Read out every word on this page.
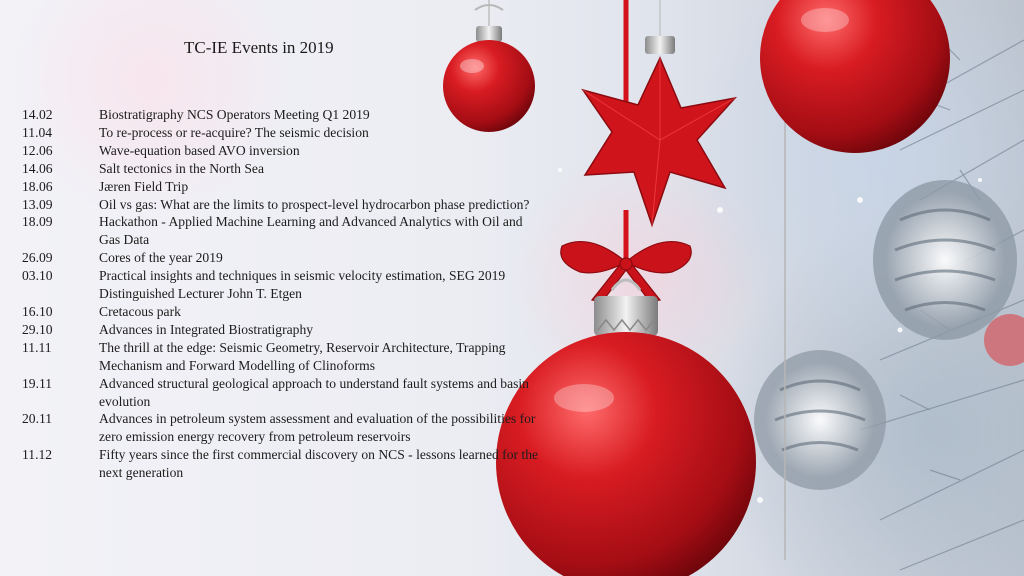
TC-IE Events in 2019
14.02	Biostratigraphy NCS Operators Meeting Q1 2019
11.04	To re-process or re-acquire? The seismic decision
12.06	Wave-equation based AVO inversion
14.06	Salt tectonics in the North Sea
18.06	Jæren Field Trip
13.09	Oil vs gas: What are the limits to prospect-level hydrocarbon phase prediction?
18.09	Hackathon - Applied Machine Learning and Advanced Analytics with Oil and Gas Data
26.09	Cores of the year 2019
03.10	Practical insights and techniques in seismic velocity estimation, SEG 2019 Distinguished Lecturer John T. Etgen
16.10	Cretacous park
29.10	Advances in Integrated Biostratigraphy
11.11	The thrill at the edge: Seismic Geometry, Reservoir Architecture, Trapping Mechanism and Forward Modelling of Clinoforms
19.11	Advanced structural geological approach to understand fault systems and basin evolution
20.11	Advances in petroleum system assessment and evaluation of the possibilities for zero emission energy recovery from petroleum reservoirs
11.12	Fifty years since the first commercial discovery on NCS - lessons learned for the next generation
